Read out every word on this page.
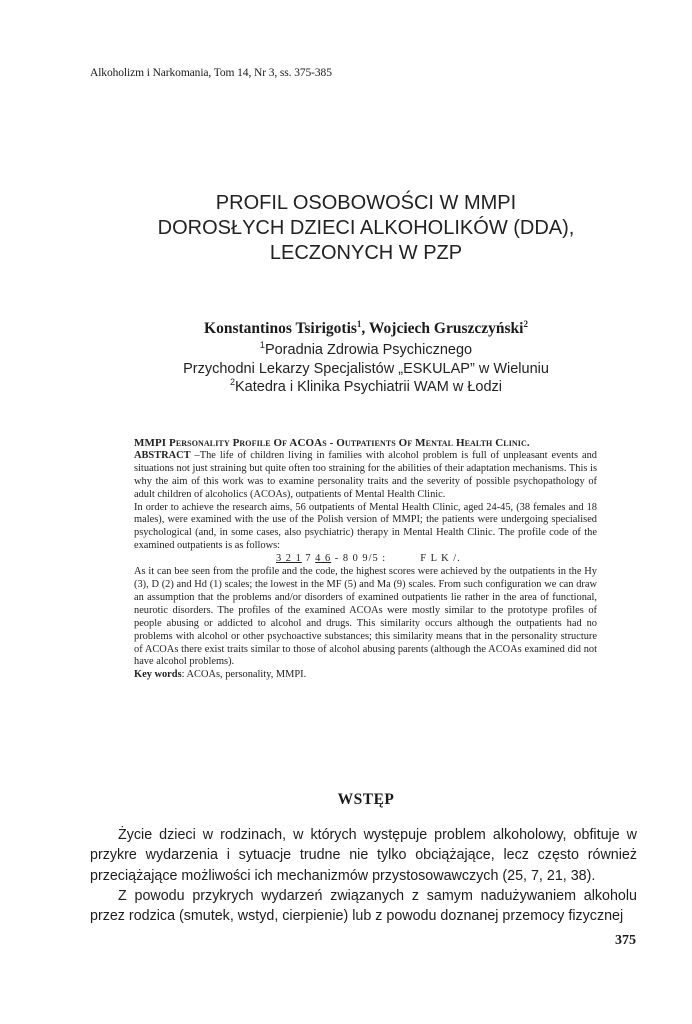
Alkoholizm i Narkomania, Tom 14, Nr 3, ss. 375-385
PROFIL OSOBOWOŚCI W MMPI
DOROSŁYCH DZIECI ALKOHOLIKÓW (DDA),
LECZONYCH W PZP
Konstantinos Tsirigotis$^1$, Wojciech Gruszczyński$^2$
$^1$Poradnia Zdrowia Psychicznego
Przychodni Lekarzy Specjalistów „ESKULAP” w Wieluniu
$^2$Katedra i Klinika Psychiatrii WAM w Łodzi

MMPI Personality Profile Of ACOAs - Outpatients Of Mental Health Clinic.

ABSTRACT –The life of children living in families with alcohol problem is full of unpleasant events and situations not just straining but quite often too straining for the abilities of their adaptation mechanisms. This is why the aim of this work was to examine personality traits and the severity of possible psychopathology of adult children of alcoholics (ACOAs), outpatients of Mental Health Clinic.

In order to achieve the research aims, 56 outpatients of Mental Health Clinic, aged 24-45, (38 females and 18 males), were examined with the use of the Polish version of MMPI; the patients were undergoing specialised psychological (and, in some cases, also psychiatric) therapy in Mental Health Clinic. The profile code of the examined outpatients is as follows:

3 2 1 7 4 6 - 8 0 9/5 :	F L K /.

As it can bee seen from the profile and the code, the highest scores were achieved by the outpatients in the Hy (3), D (2) and Hd (1) scales; the lowest in the MF (5) and Ma (9) scales. From such configuration we can draw an assumption that the problems and/or disorders of examined outpatients lie rather in the area of functional, neurotic disorders. The profiles of the examined ACOAs were mostly similar to the prototype profiles of people abusing or addicted to alcohol and drugs. This similarity occurs although the outpatients had no problems with alcohol or other psychoactive substances; this similarity means that in the personality structure of ACOAs there exist traits similar to those of alcohol abusing parents (although the ACOAs examined did not have alcohol problems).

Key words: ACOAs, personality, MMPI.

WSTĘP

Życie dzieci w rodzinach, w których występuje problem alkoholowy, obfituje w przykre wydarzenia i sytuacje trudne nie tylko obciążające, lecz często również przeciążające możliwości ich mechanizmów przystosowawczych (25, 7, 21, 38).

Z powodu przykrych wydarzeń związanych z samym nadużywaniem alkoholu przez rodzica (smutek, wstyd, cierpienie) lub z powodu doznanej przemocy fizycznej

375
